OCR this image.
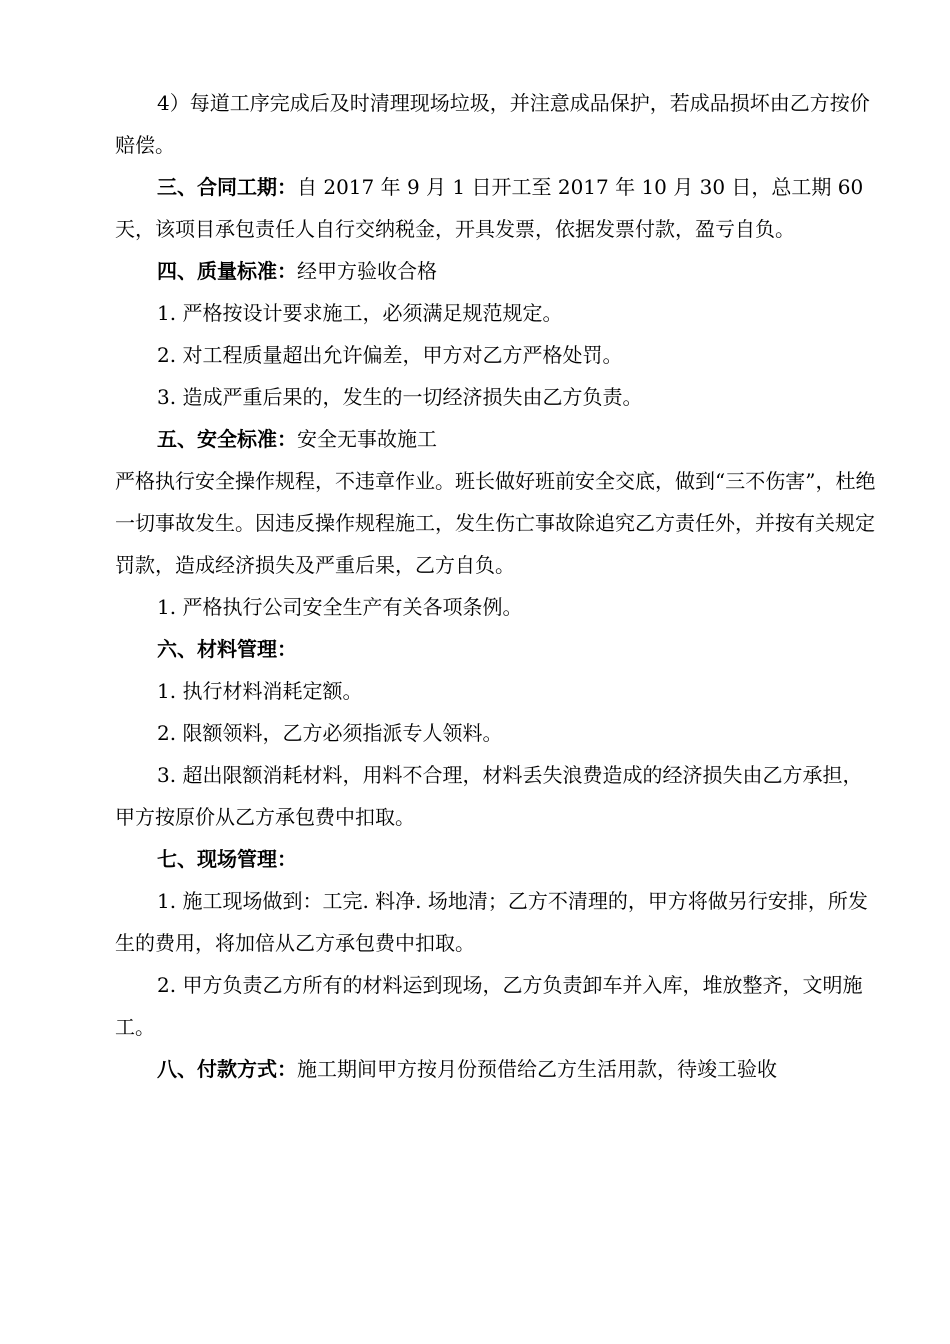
4）每道工序完成后及时清理现场垃圾，并注意成品保护，若成品损坏由乙方按价赔偿。

三、合同工期：自 2017 年 9 月 1 日开工至 2017 年 10 月 30 日，总工期 60 天，该项目承包责任人自行交纳税金，开具发票，依据发票付款，盈亏自负。

四、质量标准：经甲方验收合格

1. 严格按设计要求施工，必须满足规范规定。

2. 对工程质量超出允许偏差，甲方对乙方严格处罚。

3. 造成严重后果的，发生的一切经济损失由乙方负责。

五、安全标准：安全无事故施工

严格执行安全操作规程，不违章作业。班长做好班前安全交底，做到“三不伤害”，杜绝一切事故发生。因违反操作规程施工，发生伤亡事故除追究乙方责任外，并按有关规定罚款，造成经济损失及严重后果，乙方自负。

1. 严格执行公司安全生产有关各项条例。

六、材料管理：

1. 执行材料消耗定额。

2. 限额领料，乙方必须指派专人领料。

3. 超出限额消耗材料，用料不合理，材料丢失浪费造成的经济损失由乙方承担，甲方按原价从乙方承包费中扣取。

七、现场管理：

1. 施工现场做到：工完. 料净. 场地清；乙方不清理的，甲方将做另行安排，所发生的费用，将加倍从乙方承包费中扣取。

2. 甲方负责乙方所有的材料运到现场，乙方负责卸车并入库，堆放整齐，文明施工。

八、付款方式：施工期间甲方按月份预借给乙方生活用款，待竣工验收
